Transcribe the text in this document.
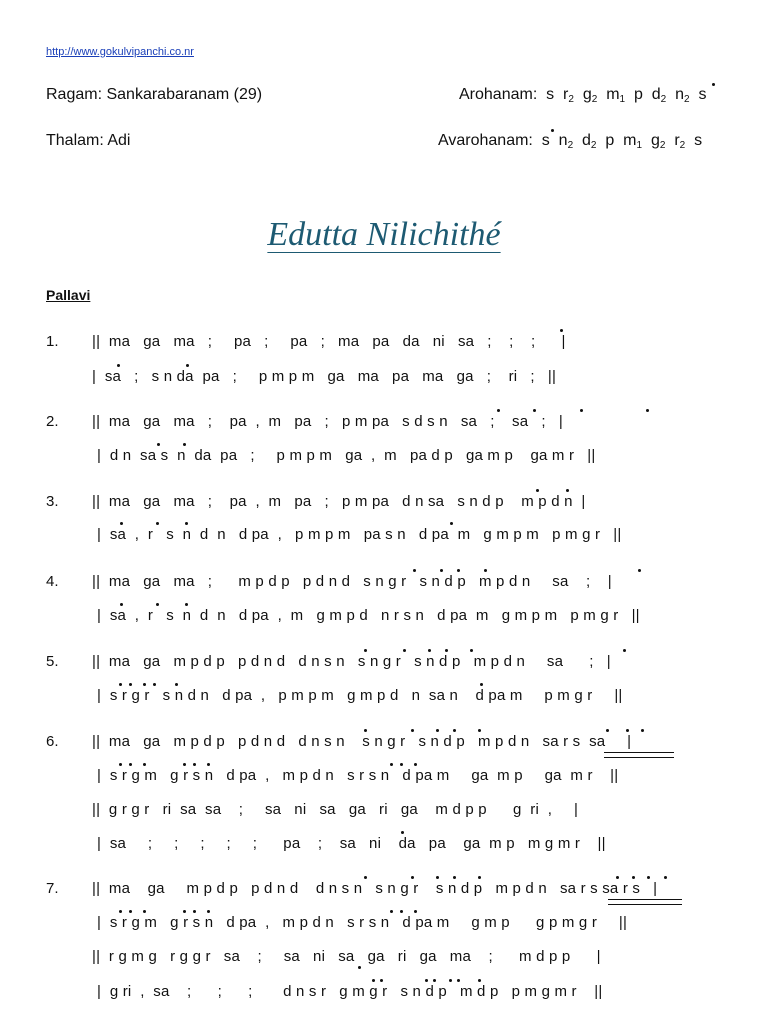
http://www.gokulvipanchi.co.nr
Ragam: Sankarabaranam (29)
Thalam: Adi
Arohanam:  s  $r_2$  $g_2$  $m_1$  p  $d_2$  $n_2$  s
Avarohanam:  s  $n_2$  $d_2$  p  $m_1$  $g_2$  $r_2$  s
Edutta Nilichithé
Pallavi
1.
2.
3.
4.
5.
6.
7.
||  ma   ga   ma   ;     pa   ;     pa   ;   ma   pa   da   ni   sa   ;    ;    ;      |
|  sa   ;   s n da  pa   ;     p m p m   ga   ma   pa   ma   ga   ;    ri   ;   ||
||  ma   ga   ma   ;    pa  ,  m   pa   ;   p m pa   s d s n   sa   ;    sa   ;   |
|  d n  sa s  n  da  pa   ;     p m p m   ga  ,  m   pa d p   ga m p    ga m r   ||
||  ma   ga   ma   ;    pa  ,  m   pa   ;   p m pa   d n sa   s n d p    m p d n  |
|  sa  ,  r   s  n  d  n   d pa  ,   p m p m   pa s n   d pa  m   g m p m   p m g r   ||
||  ma   ga   ma   ;      m p d p   p d n d   s n g r   s n d p   m p d n     sa    ;    |
|  sa  ,  r   s  n  d  n   d pa  ,  m   g m p d   n r s n   d pa  m   g m p m   p m g r   ||
||  ma   ga   m p d p   p d n d   d n s n   s n g r   s n d p   m p d n     sa      ;   |
|  s r g r   s n d n   d pa  ,   p m p m   g m p d   n  sa n    d pa m     p m g r     ||
||  ma   ga   m p d p   p d n d   d n s n    s n g r   s n d p   m p d n   sa r s  sa     |
|  s r g m   g r s n   d pa  ,   m p d n   s r s n   d pa m     ga  m p     ga  m r    ||
||  g r g r   ri  sa  sa    ;     sa   ni   sa   ga   ri   ga    m d p p      g  ri  ,     |
|  sa     ;     ;     ;     ;     ;      pa    ;    sa   ni    da   pa    ga  m p   m g m r    ||
||  ma    ga     m p d p   p d n d    d n s n   s n g r    s n d p   m p d n   sa r s sa r s   |
|  s r g m   g r s n   d pa  ,   m p d n   s r s n   d pa m     g m p      g p m g r     ||
||  r g m g   r g g r   sa    ;     sa   ni   sa   ga   ri   ga   ma    ;      m d p p      |
|  g ri  ,  sa    ;      ;      ;       d n s r   g m g r   s n d p   m d p   p m g m r    ||
